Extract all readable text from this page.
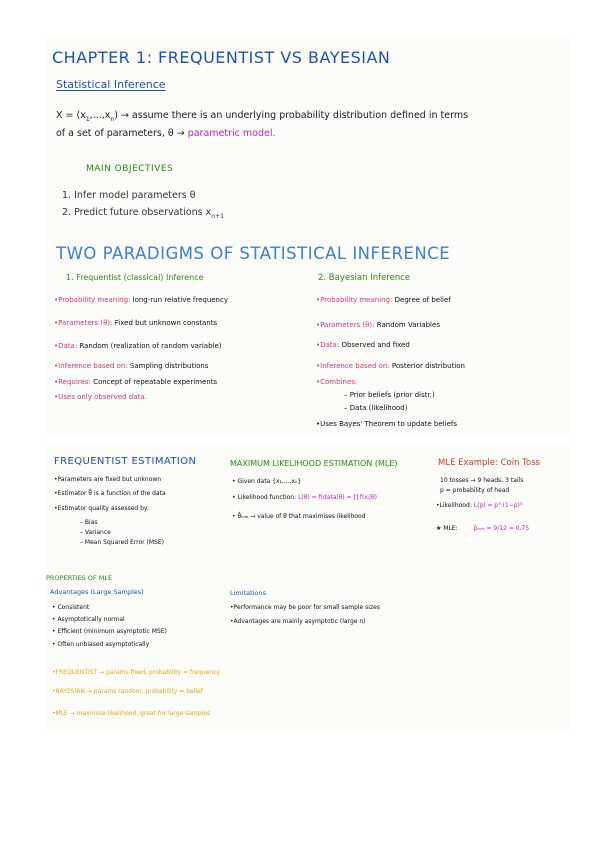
CHAPTER 1: FREQUENTIST VS BAYESIAN
Statistical Inference
$X = (x_1,...,x_n)$ → assume there is an underlying probability distribution defined in terms
of a set of parameters, θ → parametric model.
MAIN OBJECTIVES
1. Infer model parameters θ
2. Predict future observations $x_{n+1}$
TWO PARADIGMS OF STATISTICAL INFERENCE
1. Frequentist (classical) Inference
•Probability meaning: long-run relative frequency
•Parameters (θ): Fixed but unknown constants
•Data: Random (realization of random variable)
•Inference based on: Sampling distributions
•Requires: Concept of repeatable experiments
•Uses only observed data.
2. Bayesian Inference
•Probability meaning: Degree of belief
•Parameters (θ): Random Variables
•Data: Observed and fixed
•Inference based on: Posterior distribution
•Combines:
– Prior beliefs (prior distr.)
– Data (likelihood)
•Uses Bayes' Theorem to update beliefs
FREQUENTIST ESTIMATION
•Parameters are fixed but unknown
•Estimator θ̂ is a function of the data
•Estimator quality assessed by:
– Bias
– Variance
– Mean Squared Error (MSE)
MAXIMUM LIKELIHOOD ESTIMATION (MLE)
• Given data {x₁,...,xₙ}
• Likelihood function: L(θ) = f(data|θ) = ∏ f(xᵢ|θ)
• θ̂ₘₗₑ → value of θ that maximises likelihood
MLE Example: Coin Toss
10 tosses → 9 heads, 3 tails
p = probability of head
•Likelihood: L(p) = p⁹ (1−p)³
★ MLE:	p̂ₘₗₑ = 9/12 = 0.75
PROPERTIES OF MLE
Advantages (Large Samples)
• Consistent
• Asymptotically normal
• Efficient (minimum asymptotic MSE)
• Often unbiased asymptotically
Limitations
•Performance may be poor for small sample sizes
•Advantages are mainly asymptotic (large n)
•FREQUENTIST → params fixed, probability = frequency
•BAYESIAN → params random, probability = belief
•MLE → maximise likelihood, great for large samples
